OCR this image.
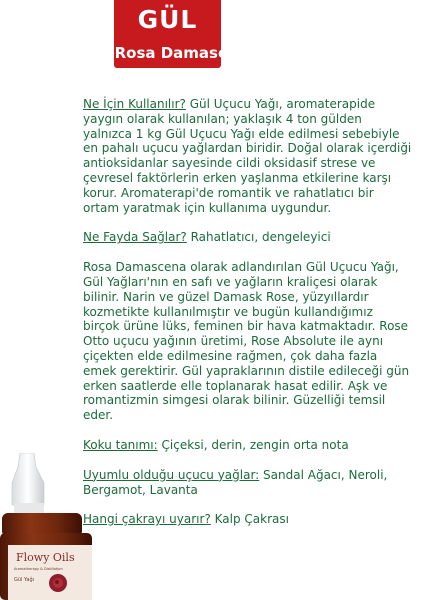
GÜL
'Rosa Damascena'

Ne İçin Kullanılır? Gül Uçucu Yağı, aromaterapide yaygın olarak kullanılan; yaklaşık 4 ton gülden yalnızca 1 kg Gül Uçucu Yağı elde edilmesi sebebiyle en pahalı uçucu yağlardan biridir. Doğal olarak içerdiği antioksidanlar sayesinde cildi oksidasif strese ve çevresel faktörlerin erken yaşlanma etkilerine karşı korur. Aromaterapi'de romantik ve rahatlatıcı bir ortam yaratmak için kullanıma uygundur.

Ne Fayda Sağlar? Rahatlatıcı, dengeleyici

Rosa Damascena olarak adlandırılan Gül Uçucu Yağı, Gül Yağları'nın en safı ve yağların kraliçesi olarak bilinir. Narin ve güzel Damask Rose, yüzyıllardır kozmetikte kullanılmıştır ve bugün kullandığımız birçok ürüne lüks, feminen bir hava katmaktadır. Rose Otto uçucu yağının üretimi, Rose Absolute ile aynı çiçekten elde edilmesine rağmen, çok daha fazla emek gerektirir. Gül yapraklarının distile edileceği gün erken saatlerde elle toplanarak hasat edilir. Aşk ve romantizmin simgesi olarak bilinir. Güzelliği temsil eder.

Koku tanımı: Çiçeksi, derin, zengin orta nota

Uyumlu olduğu uçucu yağlar: Sandal Ağacı, Neroli, Bergamot, Lavanta

Hangi çakrayı uyarır? Kalp Çakrası

Flowy Oils
Aromatherapy & Distillation
Gül Yağı
